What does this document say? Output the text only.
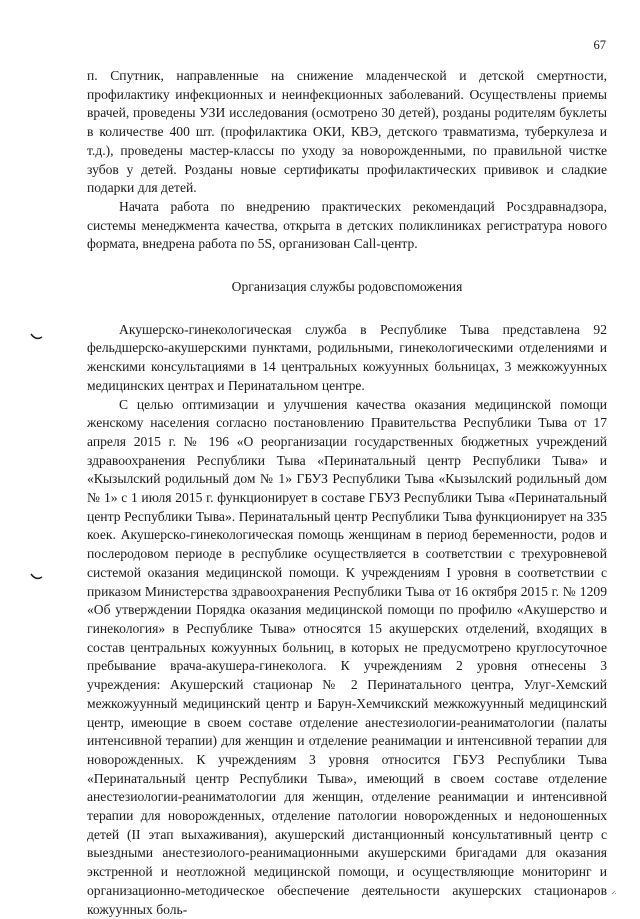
67

п. Спутник, направленные на снижение младенческой и детской смертности, профилактику инфекционных и неинфекционных заболеваний. Осуществлены приемы врачей, проведены УЗИ исследования (осмотрено 30 детей), розданы родителям буклеты в количестве 400 шт. (профилактика ОКИ, КВЭ, детского травматизма, туберкулеза и т.д.), проведены мастер-классы по уходу за новорожденными, по правильной чистке зубов у детей. Розданы новые сертификаты профилактических прививок и сладкие подарки для детей.

Начата работа по внедрению практических рекомендаций Росздравнадзора, системы менеджмента качества, открыта в детских поликлиниках регистратура нового формата, внедрена работа по 5S, организован Call-центр.

Организация службы родовспоможения

Акушерско-гинекологическая служба в Республике Тыва представлена 92 фельдшерско-акушерскими пунктами, родильными, гинекологическими отделениями и женскими консультациями в 14 центральных кожуунных больницах, 3 межкожуунных медицинских центрах и Перинатальном центре.

С целью оптимизации и улучшения качества оказания медицинской помощи женскому населения согласно постановлению Правительства Республики Тыва от 17 апреля 2015 г. № 196 «О реорганизации государственных бюджетных учреждений здравоохранения Республики Тыва «Перинатальный центр Республики Тыва» и «Кызылский родильный дом № 1» ГБУЗ Республики Тыва «Кызылский родильный дом № 1» с 1 июля 2015 г. функционирует в составе ГБУЗ Республики Тыва «Перинатальный центр Республики Тыва». Перинатальный центр Республики Тыва функционирует на 335 коек. Акушерско-гинекологическая помощь женщинам в период беременности, родов и послеродовом периоде в республике осуществляется в соответствии с трехуровневой системой оказания медицинской помощи. К учреждениям I уровня в соответствии с приказом Министерства здравоохранения Республики Тыва от 16 октября 2015 г. № 1209 «Об утверждении Порядка оказания медицинской помощи по профилю «Акушерство и гинекология» в Республике Тыва» относятся 15 акушерских отделений, входящих в состав центральных кожуунных больниц, в которых не предусмотрено круглосуточное пребывание врача-акушера-гинеколога. К учреждениям 2 уровня отнесены 3 учреждения: Акушерский стационар № 2 Перинатального центра, Улуг-Хемский межкожуунный медицинский центр и Барун-Хемчикский межкожуунный медицинский центр, имеющие в своем составе отделение анестезиологии-реаниматологии (палаты интенсивной терапии) для женщин и отделение реанимации и интенсивной терапии для новорожденных. К учреждениям 3 уровня относится ГБУЗ Республики Тыва «Перинатальный центр Республики Тыва», имеющий в своем составе отделение анестезиологии-реаниматологии для женщин, отделение реанимации и интенсивной терапии для новорожденных, отделение патологии новорожденных и недоношенных детей (II этап выхаживания), акушерский дистанционный консультативный центр с выездными анестезиолого-реанимационными акушерскими бригадами для оказания экстренной и неотложной медицинской помощи, и осуществляющие мониторинг и организационно-методическое обеспечение деятельности акушерских стационаров кожуунных боль-
